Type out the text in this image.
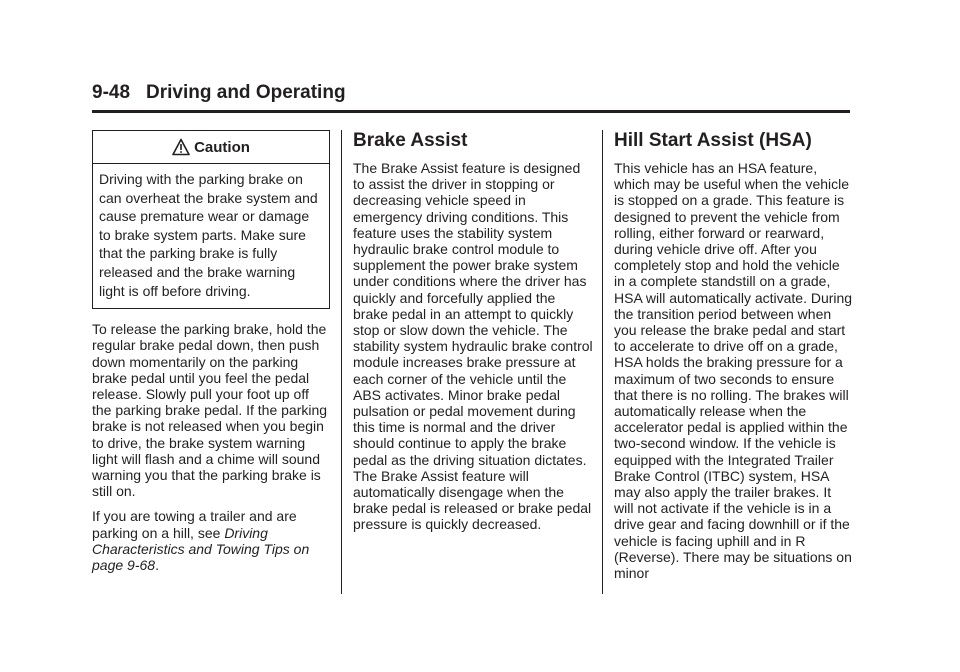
9-48 Driving and Operating
Caution
Driving with the parking brake on can overheat the brake system and cause premature wear or damage to brake system parts. Make sure that the parking brake is fully released and the brake warning light is off before driving.

To release the parking brake, hold the regular brake pedal down, then push down momentarily on the parking brake pedal until you feel the pedal release. Slowly pull your foot up off the parking brake pedal. If the parking brake is not released when you begin to drive, the brake system warning light will flash and a chime will sound warning you that the parking brake is still on.

If you are towing a trailer and are parking on a hill, see Driving Characteristics and Towing Tips on page 9-68.

Brake Assist

The Brake Assist feature is designed to assist the driver in stopping or decreasing vehicle speed in emergency driving conditions. This feature uses the stability system hydraulic brake control module to supplement the power brake system under conditions where the driver has quickly and forcefully applied the brake pedal in an attempt to quickly stop or slow down the vehicle. The stability system hydraulic brake control module increases brake pressure at each corner of the vehicle until the ABS activates. Minor brake pedal pulsation or pedal movement during this time is normal and the driver should continue to apply the brake pedal as the driving situation dictates. The Brake Assist feature will automatically disengage when the brake pedal is released or brake pedal pressure is quickly decreased.

Hill Start Assist (HSA)

This vehicle has an HSA feature, which may be useful when the vehicle is stopped on a grade. This feature is designed to prevent the vehicle from rolling, either forward or rearward, during vehicle drive off. After you completely stop and hold the vehicle in a complete standstill on a grade, HSA will automatically activate. During the transition period between when you release the brake pedal and start to accelerate to drive off on a grade, HSA holds the braking pressure for a maximum of two seconds to ensure that there is no rolling. The brakes will automatically release when the accelerator pedal is applied within the two-second window. If the vehicle is equipped with the Integrated Trailer Brake Control (ITBC) system, HSA may also apply the trailer brakes. It will not activate if the vehicle is in a drive gear and facing downhill or if the vehicle is facing uphill and in R (Reverse). There may be situations on minor
